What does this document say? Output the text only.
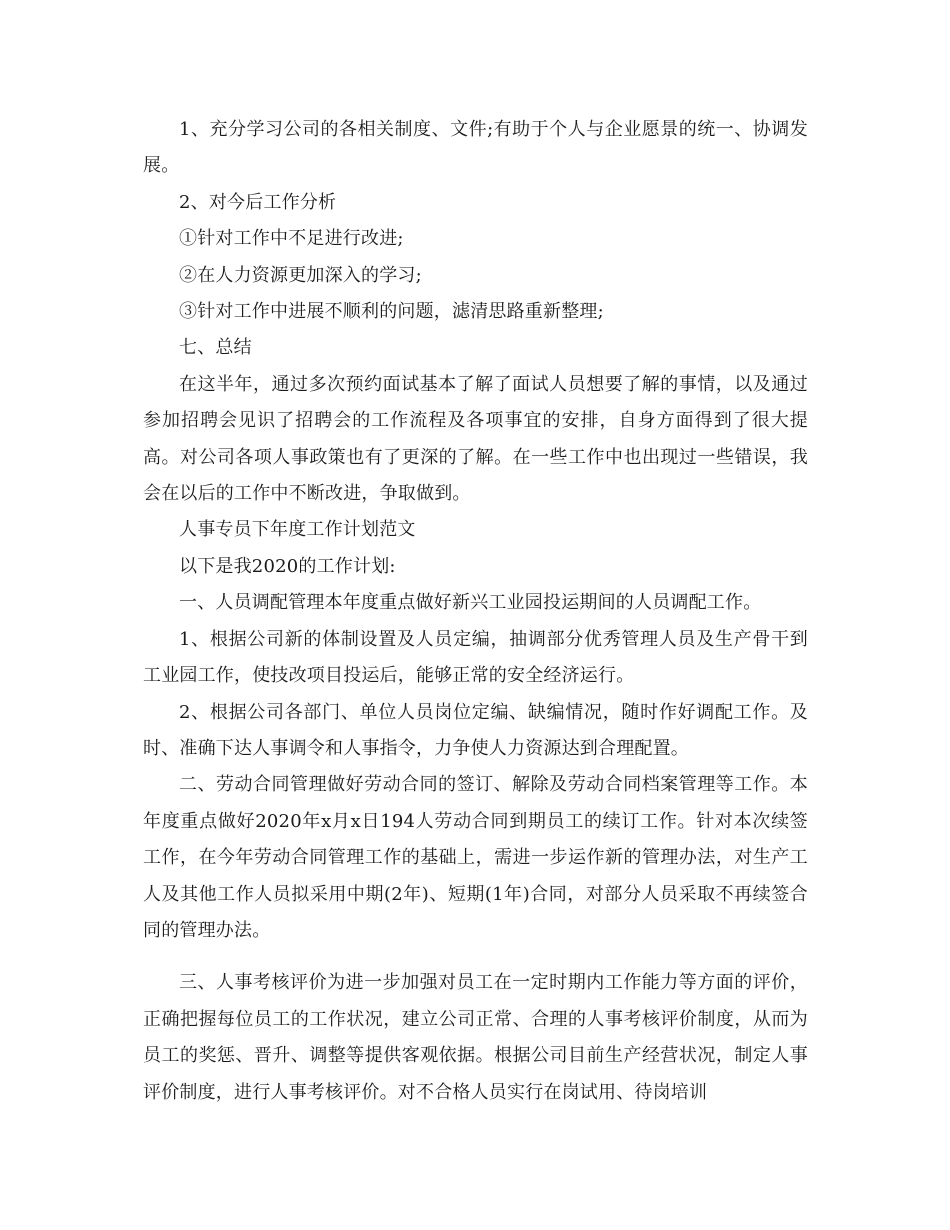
1、充分学习公司的各相关制度、文件;有助于个人与企业愿景的统一、协调发展。

2、对今后工作分析

①针对工作中不足进行改进;

②在人力资源更加深入的学习;

③针对工作中进展不顺利的问题，滤清思路重新整理;

七、总结

在这半年，通过多次预约面试基本了解了面试人员想要了解的事情，以及通过参加招聘会见识了招聘会的工作流程及各项事宜的安排，自身方面得到了很大提高。对公司各项人事政策也有了更深的了解。在一些工作中也出现过一些错误，我会在以后的工作中不断改进，争取做到。

人事专员下年度工作计划范文

以下是我2020的工作计划:

一、人员调配管理本年度重点做好新兴工业园投运期间的人员调配工作。

1、根据公司新的体制设置及人员定编，抽调部分优秀管理人员及生产骨干到工业园工作，使技改项目投运后，能够正常的安全经济运行。

2、根据公司各部门、单位人员岗位定编、缺编情况，随时作好调配工作。及时、准确下达人事调令和人事指令，力争使人力资源达到合理配置。

二、劳动合同管理做好劳动合同的签订、解除及劳动合同档案管理等工作。本年度重点做好2020年x月x日194人劳动合同到期员工的续订工作。针对本次续签工作，在今年劳动合同管理工作的基础上，需进一步运作新的管理办法，对生产工人及其他工作人员拟采用中期(2年)、短期(1年)合同，对部分人员采取不再续签合同的管理办法。

三、人事考核评价为进一步加强对员工在一定时期内工作能力等方面的评价，正确把握每位员工的工作状况，建立公司正常、合理的人事考核评价制度，从而为员工的奖惩、晋升、调整等提供客观依据。根据公司目前生产经营状况，制定人事评价制度，进行人事考核评价。对不合格人员实行在岗试用、待岗培训
